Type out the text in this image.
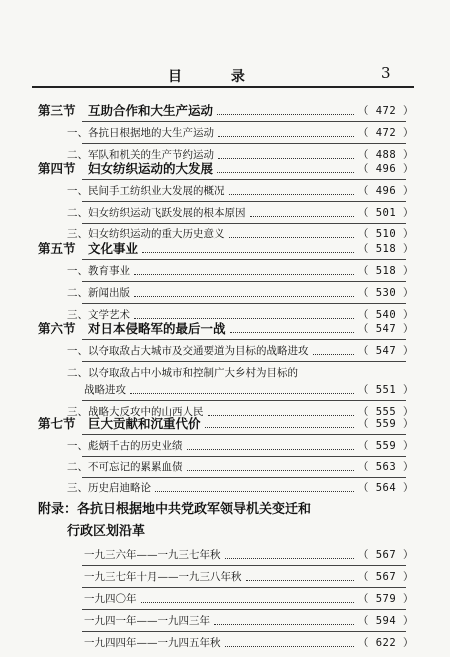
目 录	3
第三节　互助合作和大生产运动	（ 472 ）
一、各抗日根据地的大生产运动	（ 472 ）
二、军队和机关的生产节约运动	（ 488 ）
第四节　妇女纺织运动的大发展	（ 496 ）
一、民间手工纺织业大发展的概况	（ 496 ）
二、妇女纺织运动飞跃发展的根本原因	（ 501 ）
三、妇女纺织运动的重大历史意义	（ 510 ）
第五节　文化事业	（ 518 ）
一、教育事业	（ 518 ）
二、新闻出版	（ 530 ）
三、文学艺术	（ 540 ）
第六节　对日本侵略军的最后一战	（ 547 ）
一、以夺取敌占大城市及交通要道为目标的战略进攻	（ 547 ）
二、以夺取敌占中小城市和控制广大乡村为目标的
战略进攻	（ 551 ）
三、战略大反攻中的山西人民	（ 555 ）
第七节　巨大贡献和沉重代价	（ 559 ）
一、彪炳千古的历史业绩	（ 559 ）
二、不可忘记的累累血债	（ 563 ）
三、历史启迪略论	（ 564 ）
附录：各抗日根据地中共党政军领导机关变迁和
行政区划沿革
一九三六年——一九三七年秋	（ 567 ）
一九三七年十月——一九三八年秋	（ 567 ）
一九四〇年	（ 579 ）
一九四一年——一九四三年	（ 594 ）
一九四四年——一九四五年秋	（ 622 ）
